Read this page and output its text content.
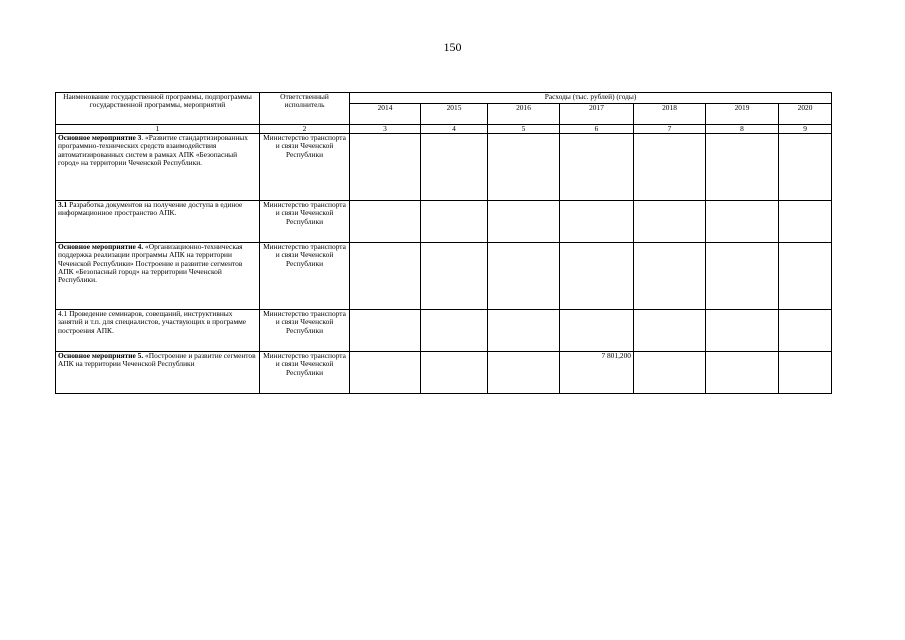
150
Наименование государственной программы, подпрограммы государственной программы, мероприятий	Ответственный исполнитель	Расходы (тыс. рублей) (годы)						
		2014	2015	2016	2017	2018	2019	2020
1	2	3	4	5	6	7	8	9
Основное мероприятие 3. «Развитие стандартизированных программно-технических средств взаимодействия автоматизированных систем в рамках АПК «Безопасный город» на территории Чеченской Республики.	Министерство транспорта и связи Чеченской Республики							
3.1 Разработка документов на получение доступа в единое информационное пространство АПК.	Министерство транспорта и связи Чеченской Республики							
Основное мероприятие 4. «Организационно-техническая поддержка реализации программы АПК на территории Чеченской Республики» Построение и развитие сегментов АПК «Безопасный город» на территории Чеченской Республики.	Министерство транспорта и связи Чеченской Республики							
4.1 Проведение семинаров, совещаний, инструктивных занятий и т.п. для специалистов, участвующих в программе построения АПК.	Министерство транспорта и связи Чеченской Республики							
Основное мероприятие 5. «Построение и развитие сегментов АПК на территории Чеченской Республики	Министерство транспорта и связи Чеченской Республики				7 801,200			
